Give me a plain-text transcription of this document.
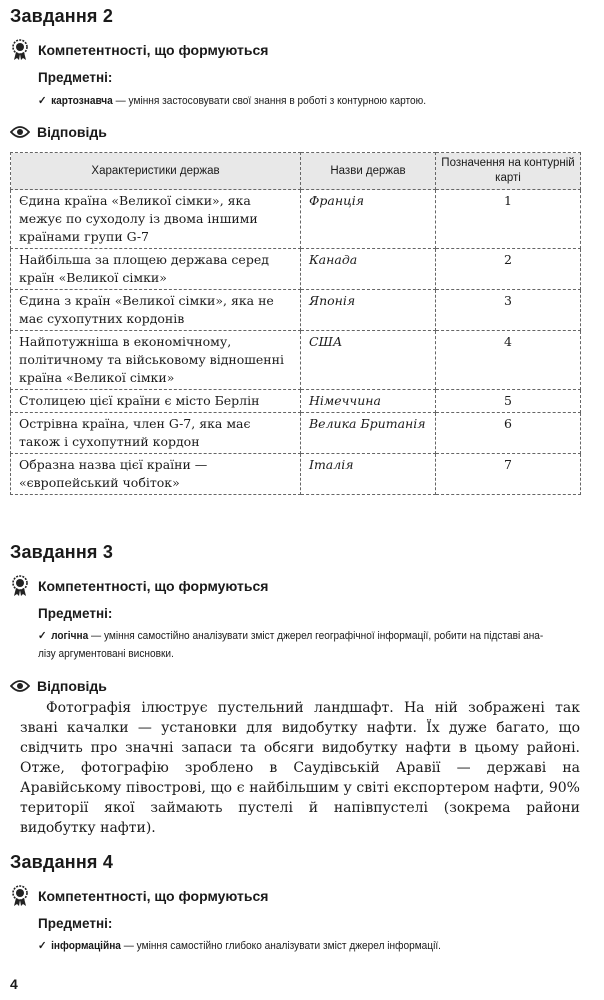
Завдання 2
Компетентності, що формуються
Предметні:
✓ картознавча — уміння застосовувати свої знання в роботі з контурною картою.
Відповідь
Характеристики держав	Назви держав	Позначення на контурній карті
Єдина країна «Великої сімки», яка межує по суходолу із двома іншими країнами групи G-7	Франція	1
Найбільша за площею держава серед країн «Великої сімки»	Канада	2
Єдина з країн «Великої сімки», яка не має сухопутних кордонів	Японія	3
Найпотужніша в економічному, політичному та військовому відношенні країна «Великої сімки»	США	4
Столицею цієї країни є місто Берлін	Німеччина	5
Острівна країна, член G-7, яка має також і сухопутний кордон	Велика Британія	6
Образна назва цієї країни — «європейський чобіток»	Італія	7
Завдання 3
Компетентності, що формуються
Предметні:
✓ логічна — уміння самостійно аналізувати зміст джерел географічної інформації, робити на підставі ана-
лізу аргументовані висновки.
Відповідь
Фотографія ілюструє пустельний ландшафт. На ній зображені так звані качалки — установки для видобутку нафти. Їх дуже багато, що свідчить про значні запаси та обсяги видобутку нафти в цьому районі. Отже, фотографію зроблено в Саудівській Аравії — державі на Аравійському півострові, що є найбільшим у світі експортером нафти, 90% території якої займають пустелі й напівпустелі (зокрема райони видобутку нафти).
Завдання 4
Компетентності, що формуються
Предметні:
✓ інформаційна — уміння самостійно глибоко аналізувати зміст джерел інформації.
4
